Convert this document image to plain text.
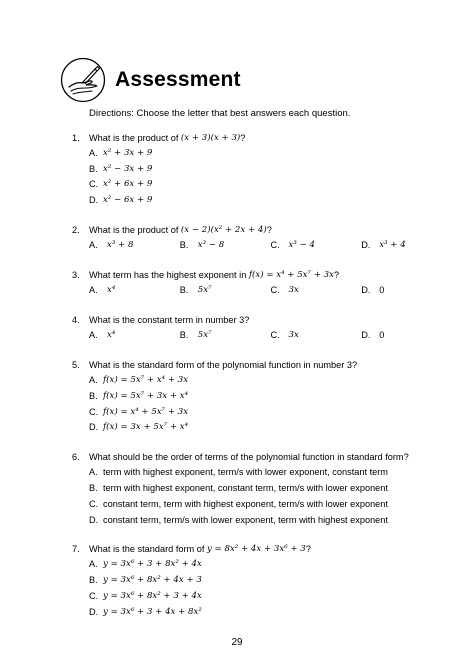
Assessment
Directions: Choose the letter that best answers each question.
1.	What is the product of (x + 3)(x + 3) ?
A. x² + 3x + 9
B. x² − 3x + 9
C. x² + 6x + 9
D. x² − 6x + 9
2.	What is the product of (x − 2)(x² + 2x + 4) ?
A.	x³ + 8	B.	x³ − 8	C.	x³ − 4	D.	x³ + 4
3.	What term has the highest exponent in f(x) = x⁴ + 5x⁷ + 3x ?
A.	x⁴	B.	5x⁷	C.	3x	D. 0
4.	What is the constant term in number 3?
A.	x⁴	B.	5x⁷	C.	3x	D. 0
5.	What is the standard form of the polynomial function in number 3?
A. f(x) = 5x⁷ + x⁴ + 3x
B. f(x) = 5x⁷ + 3x + x⁴
C. f(x) = x⁴ + 5x⁷ + 3x
D. f(x) = 3x + 5x⁷ + x⁴
6.	What should be the order of terms of the polynomial function in standard form?
A. term with highest exponent, term/s with lower exponent, constant term
B. term with highest exponent, constant term, term/s with lower exponent
C. constant term, term with highest exponent, term/s with lower exponent
D. constant term, term/s with lower exponent, term with highest exponent
7.	What is the standard form of y = 8x² + 4x + 3x⁶ + 3 ?
A. y = 3x⁶ + 3 + 8x² + 4x
B. y = 3x⁶ + 8x² + 4x + 3
C. y = 3x⁶ + 8x² + 3 + 4x
D. y = 3x⁶ + 3 + 4x + 8x²
29
